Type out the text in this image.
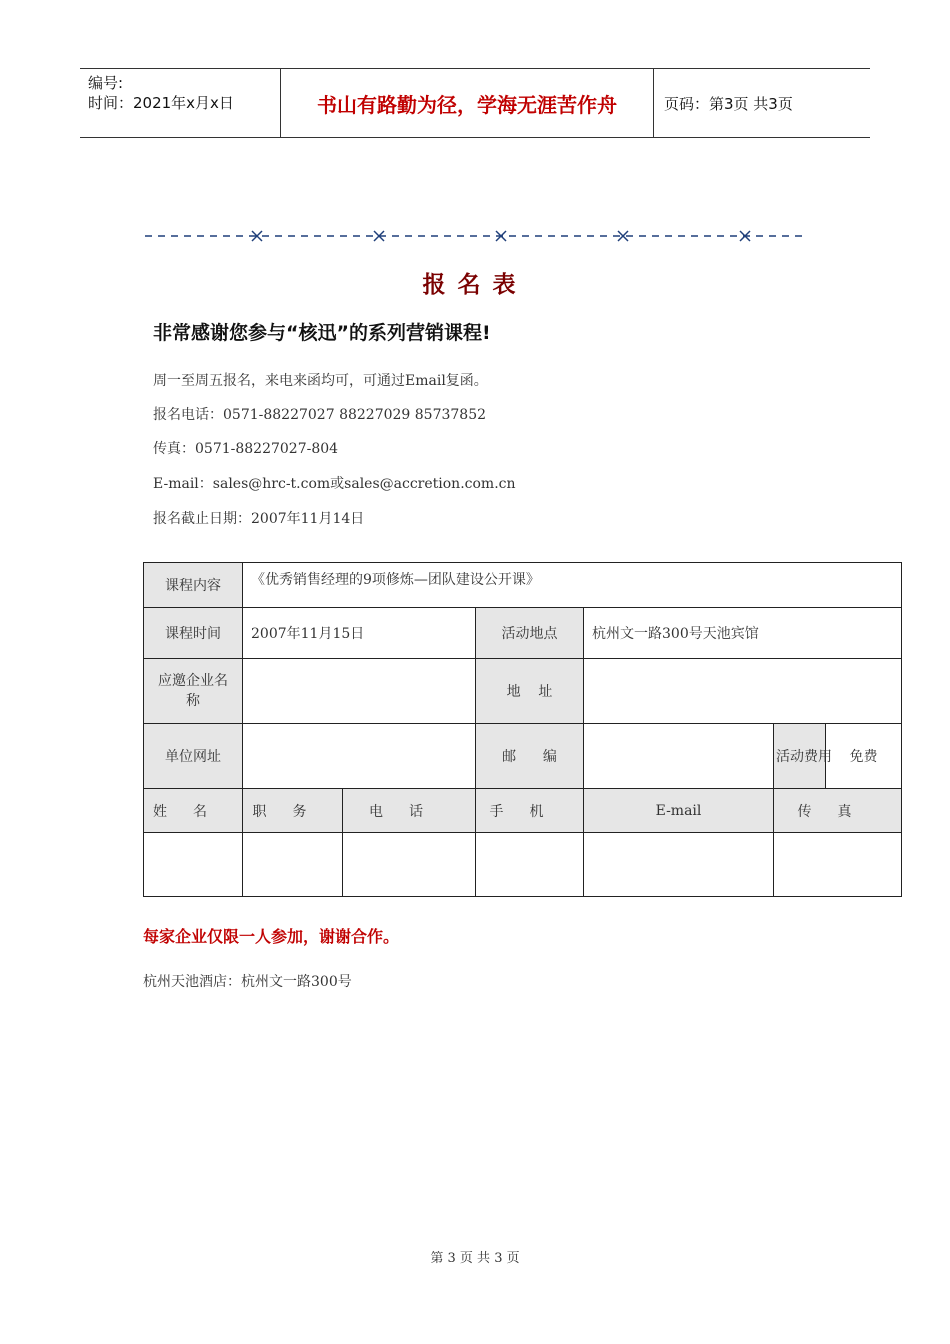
编号:
时间：2021年x月x日	书山有路勤为径，学海无涯苦作舟	页码：第3页 共3页
报名表
非常感谢您参与“核迅”的系列营销课程!
周一至周五报名，来电来函均可，可通过Email复函。
报名电话：0571-88227027 88227029 85737852
传真：0571-88227027-804
E-mail：sales@hrc-t.com或sales@accretion.com.cn
报名截止日期：2007年11月14日
课程内容	《优秀销售经理的9项修炼—团队建设公开课》					
课程时间	2007年11月15日		活动地点	杭州文一路300号天池宾馆		
应邀企业名称			地    址			
单位网址			邮      编		活动费用	免费
姓名	职务	电话	手机	E-mail	传真	

每家企业仅限一人参加，谢谢合作。
杭州天池酒店：杭州文一路300号
第 3 页 共 3 页
